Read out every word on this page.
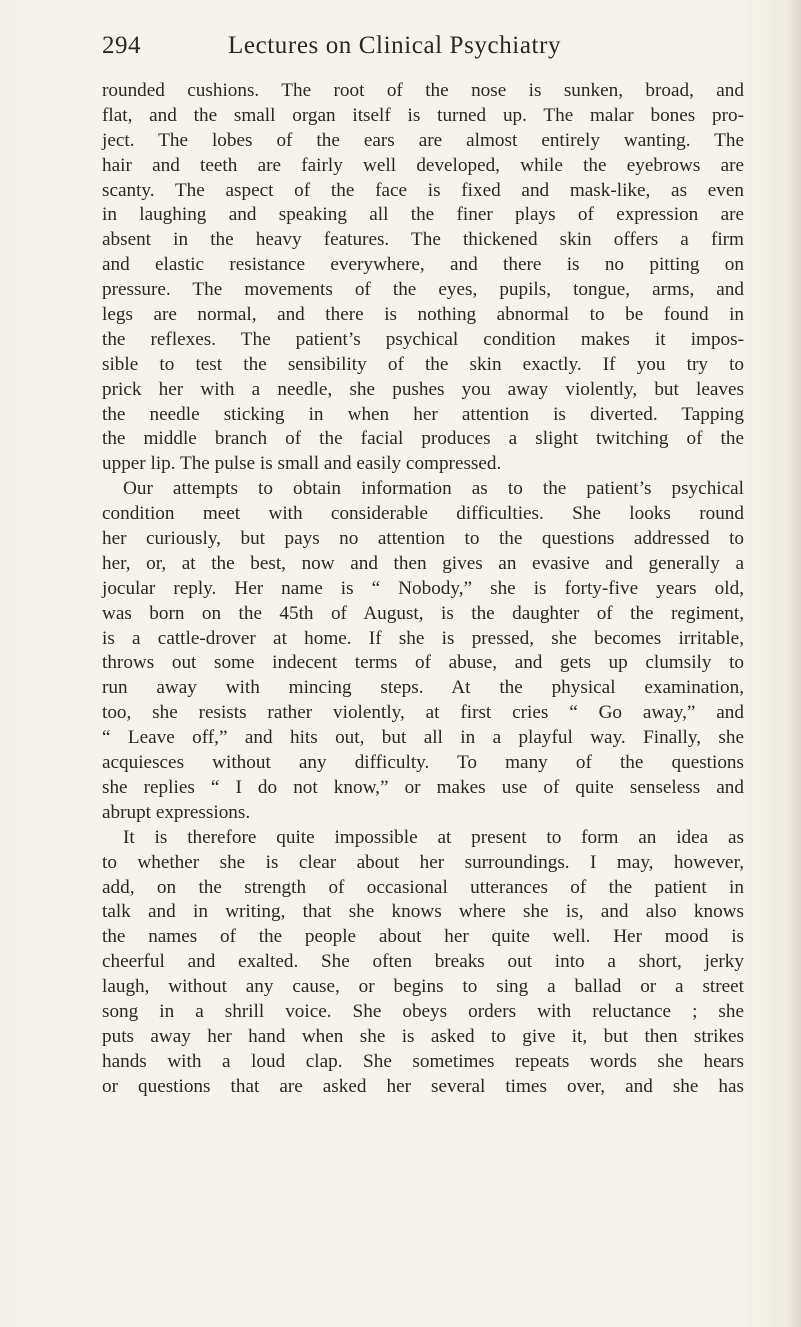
294	Lectures on Clinical Psychiatry
rounded cushions. The root of the nose is sunken, broad, and
flat, and the small organ itself is turned up. The malar bones pro-
ject. The lobes of the ears are almost entirely wanting. The
hair and teeth are fairly well developed, while the eyebrows are
scanty. The aspect of the face is fixed and mask-like, as even
in laughing and speaking all the finer plays of expression are
absent in the heavy features. The thickened skin offers a firm
and elastic resistance everywhere, and there is no pitting on
pressure. The movements of the eyes, pupils, tongue, arms, and
legs are normal, and there is nothing abnormal to be found in
the reflexes. The patient’s psychical condition makes it impos-
sible to test the sensibility of the skin exactly. If you try to
prick her with a needle, she pushes you away violently, but leaves
the needle sticking in when her attention is diverted. Tapping
the middle branch of the facial produces a slight twitching of the
upper lip. The pulse is small and easily compressed.
Our attempts to obtain information as to the patient’s psychical
condition meet with considerable difficulties. She looks round
her curiously, but pays no attention to the questions addressed to
her, or, at the best, now and then gives an evasive and generally a
jocular reply. Her name is “ Nobody,” she is forty-five years old,
was born on the 45th of August, is the daughter of the regiment,
is a cattle-drover at home. If she is pressed, she becomes irritable,
throws out some indecent terms of abuse, and gets up clumsily to
run away with mincing steps. At the physical examination,
too, she resists rather violently, at first cries “ Go away,” and
“ Leave off,” and hits out, but all in a playful way. Finally, she
acquiesces without any difficulty. To many of the questions
she replies “ I do not know,” or makes use of quite senseless and
abrupt expressions.
It is therefore quite impossible at present to form an idea as
to whether she is clear about her surroundings. I may, however,
add, on the strength of occasional utterances of the patient in
talk and in writing, that she knows where she is, and also knows
the names of the people about her quite well. Her mood is
cheerful and exalted. She often breaks out into a short, jerky
laugh, without any cause, or begins to sing a ballad or a street
song in a shrill voice. She obeys orders with reluctance ; she
puts away her hand when she is asked to give it, but then strikes
hands with a loud clap. She sometimes repeats words she hears
or questions that are asked her several times over, and she has
